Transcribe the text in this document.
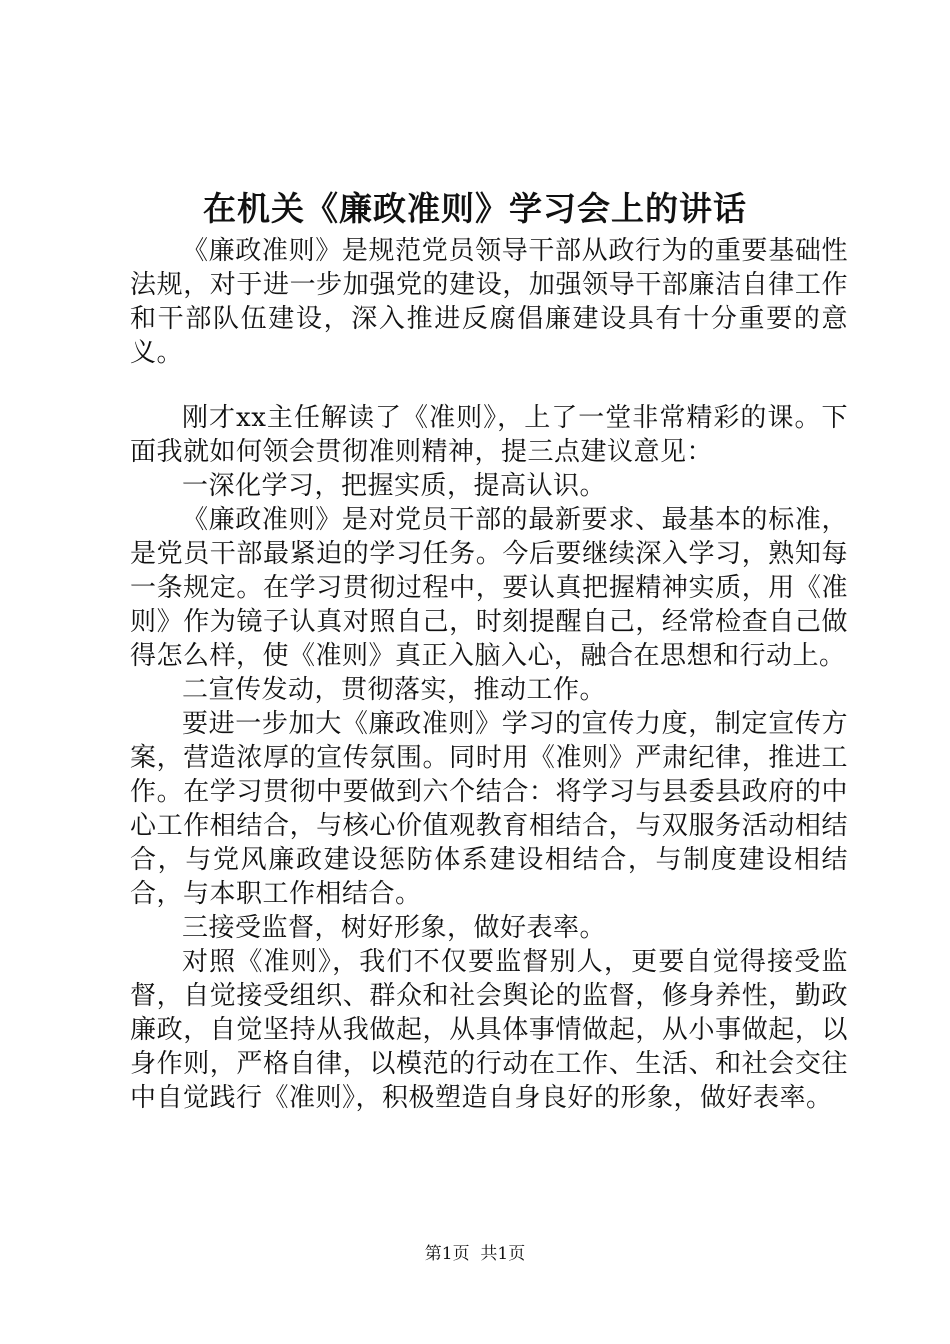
在机关《廉政准则》学习会上的讲话

《廉政准则》是规范党员领导干部从政行为的重要基础性法规，对于进一步加强党的建设，加强领导干部廉洁自律工作和干部队伍建设，深入推进反腐倡廉建设具有十分重要的意义。

刚才xx主任解读了《准则》，上了一堂非常精彩的课。下面我就如何领会贯彻准则精神，提三点建议意见：

一深化学习，把握实质，提高认识。

《廉政准则》是对党员干部的最新要求、最基本的标准，是党员干部最紧迫的学习任务。今后要继续深入学习，熟知每一条规定。在学习贯彻过程中，要认真把握精神实质，用《准则》作为镜子认真对照自己，时刻提醒自己，经常检查自己做得怎么样，使《准则》真正入脑入心，融合在思想和行动上。

二宣传发动，贯彻落实，推动工作。

要进一步加大《廉政准则》学习的宣传力度，制定宣传方案，营造浓厚的宣传氛围。同时用《准则》严肃纪律，推进工作。在学习贯彻中要做到六个结合：将学习与县委县政府的中心工作相结合，与核心价值观教育相结合，与双服务活动相结合，与党风廉政建设惩防体系建设相结合，与制度建设相结合，与本职工作相结合。

三接受监督，树好形象，做好表率。

对照《准则》，我们不仅要监督别人，更要自觉得接受监督，自觉接受组织、群众和社会舆论的监督，修身养性，勤政廉政，自觉坚持从我做起，从具体事情做起，从小事做起，以身作则，严格自律，以模范的行动在工作、生活、和社会交往中自觉践行《准则》，积极塑造自身良好的形象，做好表率。

第1页 共1页
